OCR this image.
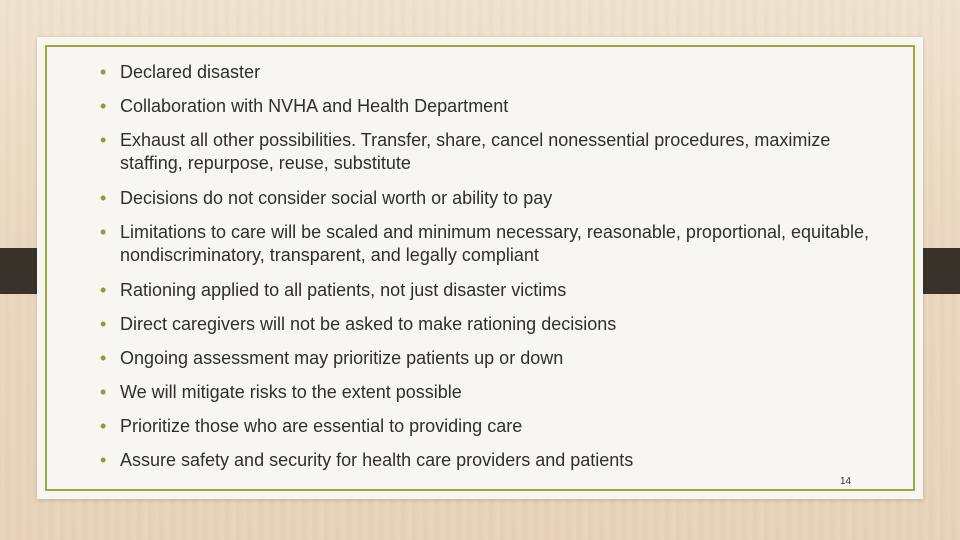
• Declared disaster
• Collaboration with NVHA and Health Department
• Exhaust all other possibilities. Transfer, share, cancel nonessential procedures, maximize staffing, repurpose, reuse, substitute
• Decisions do not consider social worth or ability to pay
• Limitations to care will be scaled and minimum necessary, reasonable, proportional, equitable, nondiscriminatory, transparent, and legally compliant
• Rationing applied to all patients, not just disaster victims
• Direct caregivers will not be asked to make rationing decisions
• Ongoing assessment may prioritize patients up or down
• We will mitigate risks to the extent possible
• Prioritize those who are essential to providing care
• Assure safety and security for health care providers and patients
14
